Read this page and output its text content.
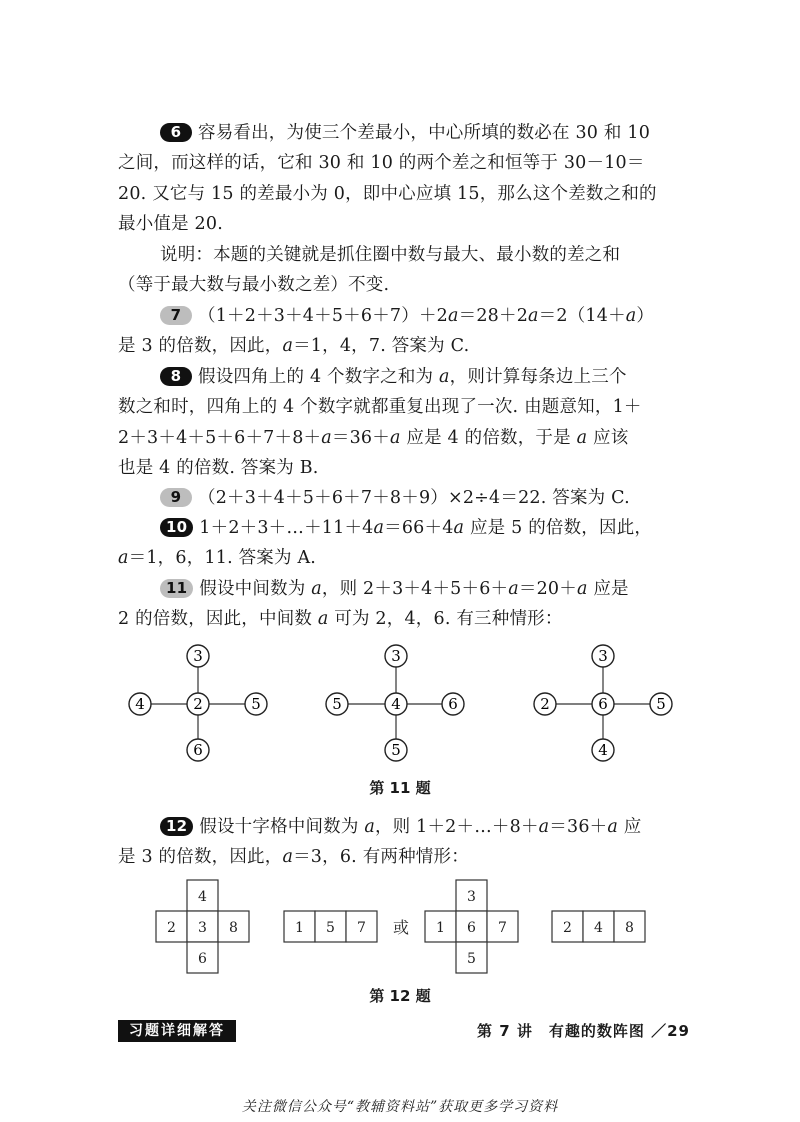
6 容易看出，为使三个差最小，中心所填的数必在 30 和 10
之间，而这样的话，它和 30 和 10 的两个差之和恒等于 30－10＝
20. 又它与 15 的差最小为 0，即中心应填 15，那么这个差数之和的
最小值是 20.
说明：本题的关键就是抓住圈中数与最大、最小数的差之和
（等于最大数与最小数之差）不变.
7 （1＋2＋3＋4＋5＋6＋7）＋2a＝28＋2a＝2（14＋a）
是 3 的倍数，因此，a＝1，4，7. 答案为 C.
8 假设四角上的 4 个数字之和为 a，则计算每条边上三个
数之和时，四角上的 4 个数字就都重复出现了一次. 由题意知，1＋
2＋3＋4＋5＋6＋7＋8＋a＝36＋a 应是 4 的倍数，于是 a 应该
也是 4 的倍数. 答案为 B.
9 （2＋3＋4＋5＋6＋7＋8＋9）×2÷4＝22. 答案为 C.
10 1＋2＋3＋…＋11＋4a＝66＋4a 应是 5 的倍数，因此，
a＝1，6，11. 答案为 A.
11 假设中间数为 a，则 2＋3＋4＋5＋6＋a＝20＋a 应是
2 的倍数，因此，中间数 a 可为 2，4，6. 有三种情形：
3
4	2	5
6
3
5	4	6
5
3
2	6	5
4
第 11 题
12 假设十字格中间数为 a，则 1＋2＋…＋8＋a＝36＋a 应
是 3 的倍数，因此，a＝3，6. 有两种情形：
4
2 3 8
6
1 5 7 或
3
1 6 7
5
2 4 8
第 12 题
习题详细解答	第 7 讲　有趣的数阵图 ／29
关注微信公众号“教辅资料站”获取更多学习资料
